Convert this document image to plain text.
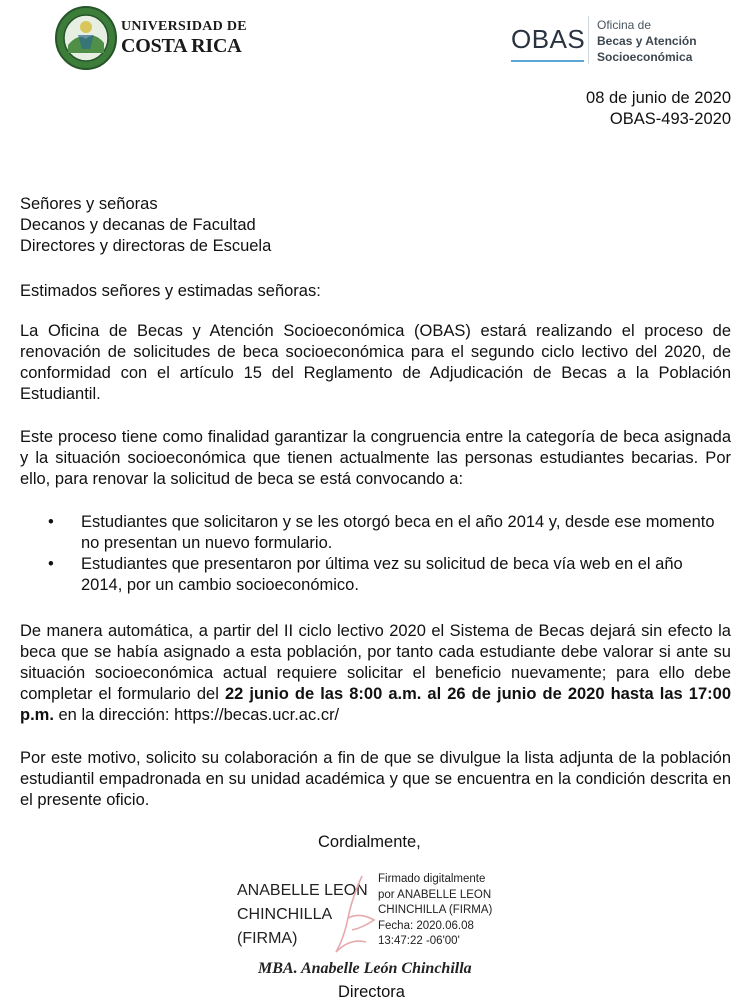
UNIVERSIDAD DE
COSTA RICA	OBAS Oficina de
Becas y Atención
Socioeconómica
08 de junio de 2020
OBAS-493-2020
Señores y señoras
Decanos y decanas de Facultad
Directores y directoras de Escuela

Estimados señores y estimadas señoras:

La Oficina de Becas y Atención Socioeconómica (OBAS) estará realizando el proceso de renovación de solicitudes de beca socioeconómica para el segundo ciclo lectivo del 2020, de conformidad con el artículo 15 del Reglamento de Adjudicación de Becas a la Población Estudiantil.

Este proceso tiene como finalidad garantizar la congruencia entre la categoría de beca asignada y la situación socioeconómica que tienen actualmente las personas estudiantes becarias. Por ello, para renovar la solicitud de beca se está convocando a:

• Estudiantes que solicitaron y se les otorgó beca en el año 2014 y, desde ese momento no presentan un nuevo formulario.
• Estudiantes que presentaron por última vez su solicitud de beca vía web en el año 2014, por un cambio socioeconómico.

De manera automática, a partir del II ciclo lectivo 2020 el Sistema de Becas dejará sin efecto la beca que se había asignado a esta población, por tanto cada estudiante debe valorar si ante su situación socioeconómica actual requiere solicitar el beneficio nuevamente; para ello debe completar el formulario del 22 junio de las 8:00 a.m. al 26 de junio de 2020 hasta las 17:00 p.m. en la dirección: https://becas.ucr.ac.cr/

Por este motivo, solicito su colaboración a fin de que se divulgue la lista adjunta de la población estudiantil empadronada en su unidad académica y que se encuentra en la condición descrita en el presente oficio.

Cordialmente,
ANABELLE LEON
CHINCHILLA
(FIRMA)
Firmado digitalmente
por ANABELLE LEON
CHINCHILLA (FIRMA)
Fecha: 2020.06.08
13:47:22 -06'00'
MBA. Anabelle León Chinchilla
Directora
